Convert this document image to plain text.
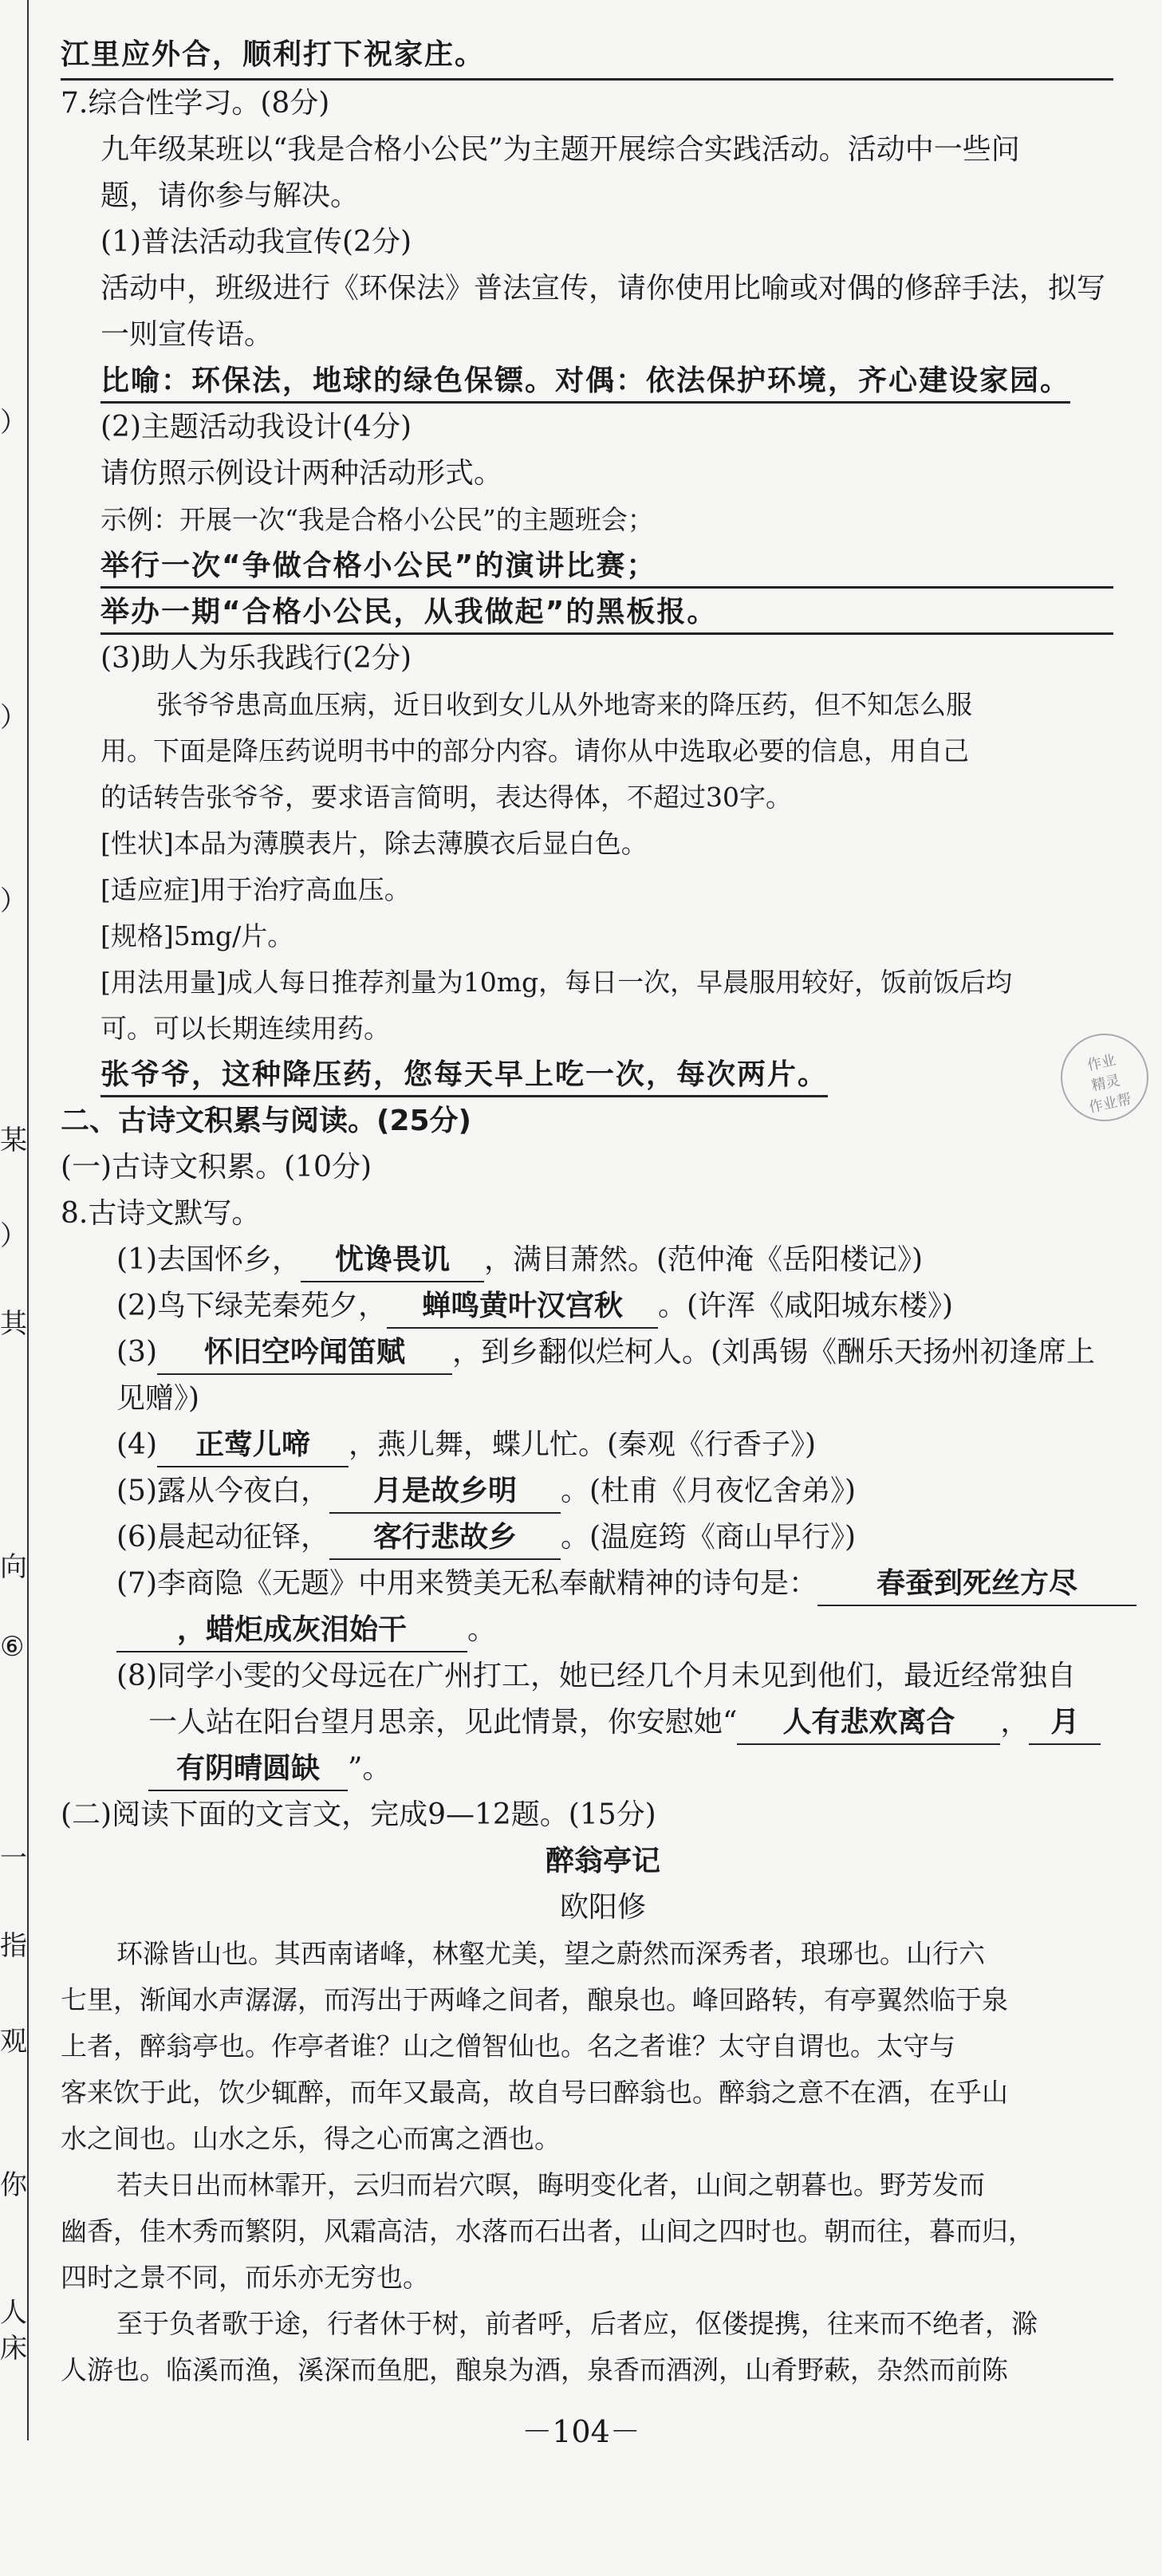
）
）
）
某
）
其
向
⑥
一
指
观
你
人
床
江里应外合，顺利打下祝家庄。
7.综合性学习。(8分)
九年级某班以“我是合格小公民”为主题开展综合实践活动。活动中一些问
题，请你参与解决。
(1)普法活动我宣传(2分)
活动中，班级进行《环保法》普法宣传，请你使用比喻或对偶的修辞手法，拟写
一则宣传语。
比喻：环保法，地球的绿色保镖。对偶：依法保护环境，齐心建设家园。
(2)主题活动我设计(4分)
请仿照示例设计两种活动形式。
示例：开展一次“我是合格小公民”的主题班会；
举行一次“争做合格小公民”的演讲比赛；
举办一期“合格小公民，从我做起”的黑板报。
(3)助人为乐我践行(2分)
张爷爷患高血压病，近日收到女儿从外地寄来的降压药，但不知怎么服
用。下面是降压药说明书中的部分内容。请你从中选取必要的信息，用自己
的话转告张爷爷，要求语言简明，表达得体，不超过30字。
[性状]本品为薄膜表片，除去薄膜衣后显白色。
[适应症]用于治疗高血压。
[规格]5mg/片。
[用法用量]成人每日推荐剂量为10mg，每日一次，早晨服用较好，饭前饭后均
可。可以长期连续用药。
张爷爷，这种降压药，您每天早上吃一次，每次两片。
二、古诗文积累与阅读。(25分)
(一)古诗文积累。(10分)
8.古诗文默写。
(1)去国怀乡， 忧谗畏讥 ，满目萧然。(范仲淹《岳阳楼记》)
(2)鸟下绿芜秦苑夕， 蝉鸣黄叶汉宫秋 。(许浑《咸阳城东楼》)
(3) 怀旧空吟闻笛赋 ，到乡翻似烂柯人。(刘禹锡《酬乐天扬州初逢席上
见赠》)
(4) 正莺儿啼 ，燕儿舞，蝶儿忙。(秦观《行香子》)
(5)露从今夜白， 月是故乡明 。(杜甫《月夜忆舍弟》)
(6)晨起动征铎， 客行悲故乡 。(温庭筠《商山早行》)
(7)李商隐《无题》中用来赞美无私奉献精神的诗句是： 春蚕到死丝方尽
，蜡炬成灰泪始干 。
(8)同学小雯的父母远在广州打工，她已经几个月未见到他们，最近经常独自
一人站在阳台望月思亲，见此情景，你安慰她“ 人有悲欢离合 ， 月
有阴晴圆缺 ”。
(二)阅读下面的文言文，完成9—12题。(15分)
醉翁亭记
欧阳修
环滁皆山也。其西南诸峰，林壑尤美，望之蔚然而深秀者，琅琊也。山行六
七里，渐闻水声潺潺，而泻出于两峰之间者，酿泉也。峰回路转，有亭翼然临于泉
上者，醉翁亭也。作亭者谁？山之僧智仙也。名之者谁？太守自谓也。太守与
客来饮于此，饮少辄醉，而年又最高，故自号曰醉翁也。醉翁之意不在酒，在乎山
水之间也。山水之乐，得之心而寓之酒也。
若夫日出而林霏开，云归而岩穴暝，晦明变化者，山间之朝暮也。野芳发而
幽香，佳木秀而繁阴，风霜高洁，水落而石出者，山间之四时也。朝而往，暮而归，
四时之景不同，而乐亦无穷也。
至于负者歌于途，行者休于树，前者呼，后者应，伛偻提携，往来而不绝者，滁
人游也。临溪而渔，溪深而鱼肥，酿泉为酒，泉香而酒洌，山肴野蔌，杂然而前陈
作业
精灵
作业帮
－104－
